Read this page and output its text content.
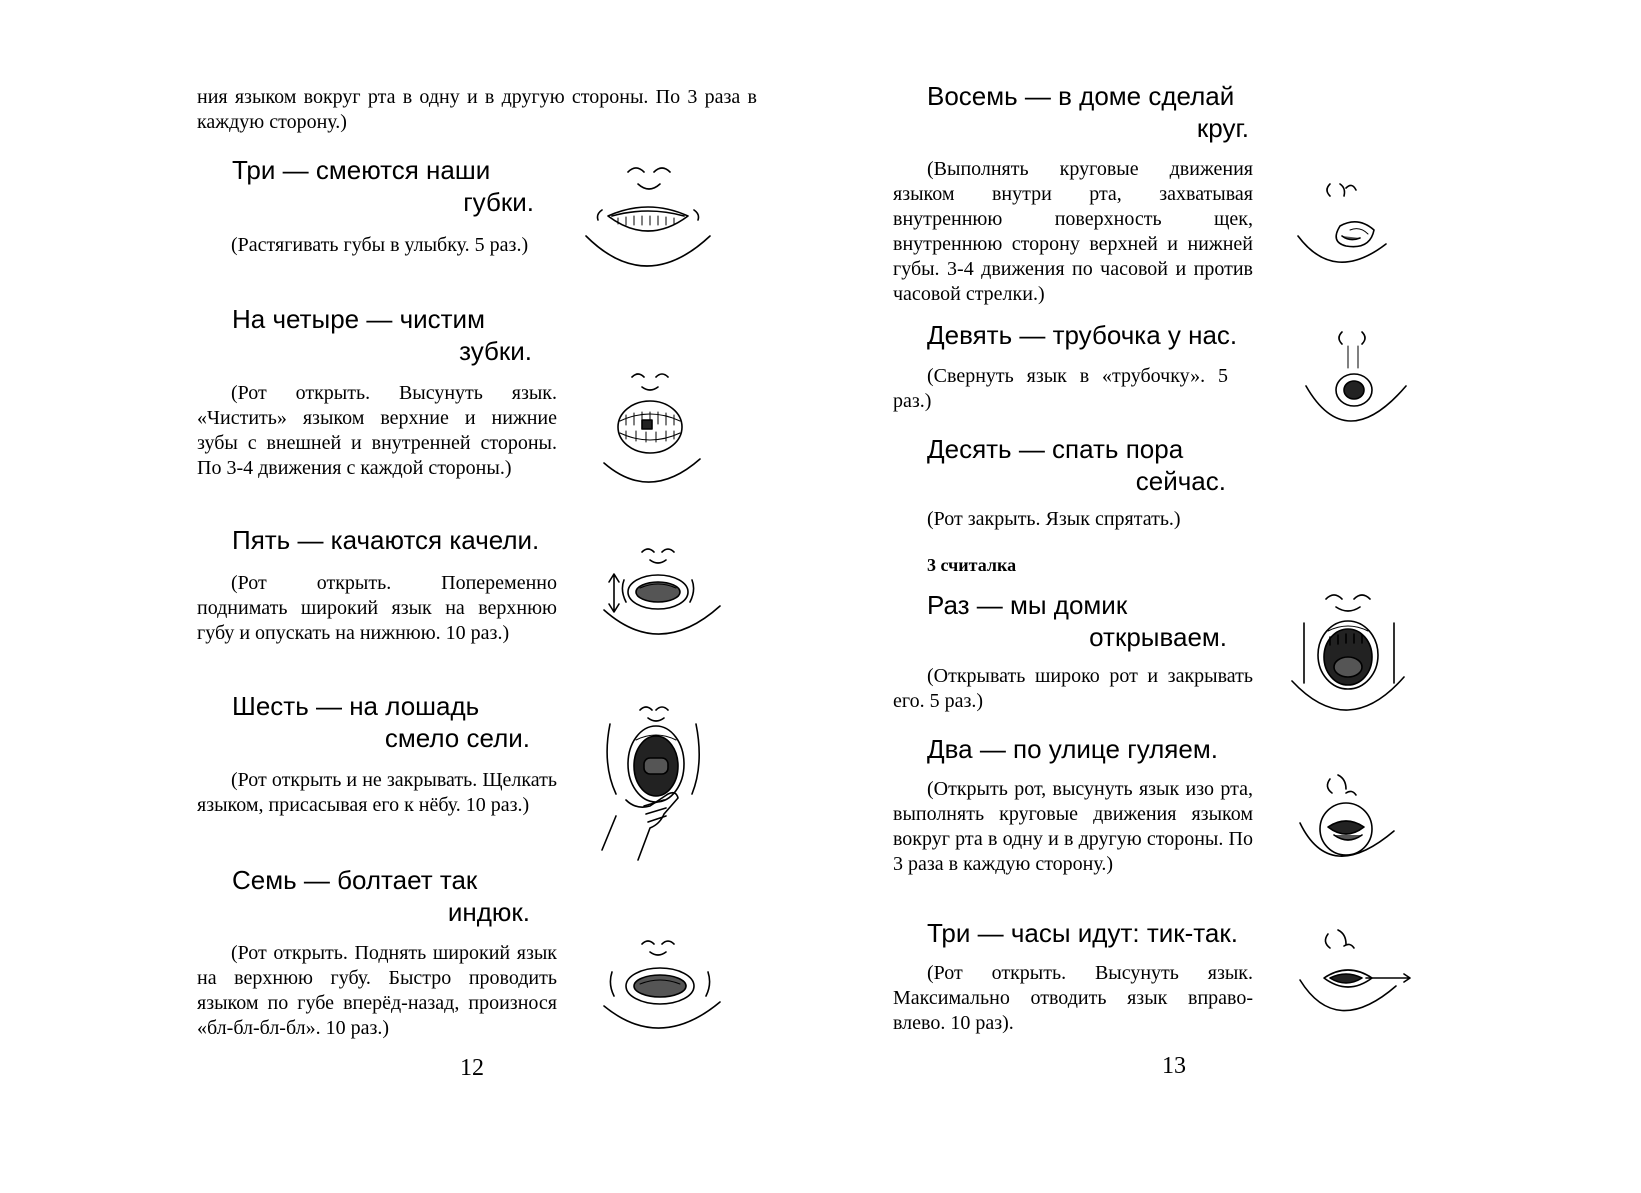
ния языком вокруг рта в одну и в другую стороны. По 3 раза в каждую сторону.)

Три — смеются наши
губки.

(Растягивать губы в улыбку. 5 раз.)

На четыре — чистим
зубки.

(Рот открыть. Высунуть язык. «Чистить» языком верхние и нижние зубы с внешней и внутренней стороны. По 3-4 движения с каждой стороны.)

Пять — качаются качели.

(Рот открыть. Попеременно поднимать широкий язык на верхнюю губу и опускать на нижнюю. 10 раз.)

Шесть — на лошадь
смело сели.

(Рот открыть и не закрывать. Щелкать языком, присасывая его к нёбу. 10 раз.)

Семь — болтает так
индюк.

(Рот открыть. Поднять широкий язык на верхнюю губу. Быстро проводить языком по губе вперёд-назад, произнося «бл-бл-бл-бл». 10 раз.)

12
Восемь — в доме сделай
круг.

(Выполнять круговые движения языком внутри рта, захватывая внутреннюю поверхность щек, внутреннюю сторону верхней и нижней губы. 3-4 движения по часовой и против часовой стрелки.)

Девять — трубочка у нас.

(Свернуть язык в «трубочку». 5 раз.)

Десять — спать пора
сейчас.

(Рот закрыть. Язык спрятать.)

3 считалка
Раз — мы домик
открываем.

(Открывать широко рот и закрывать его. 5 раз.)

Два — по улице гуляем.

(Открыть рот, высунуть язык изо рта, выполнять круговые движения языком вокруг рта в одну и в другую стороны. По 3 раза в каждую сторону.)

Три — часы идут: тик-так.

(Рот открыть. Высунуть язык. Максимально отводить язык вправо-влево. 10 раз).

13
